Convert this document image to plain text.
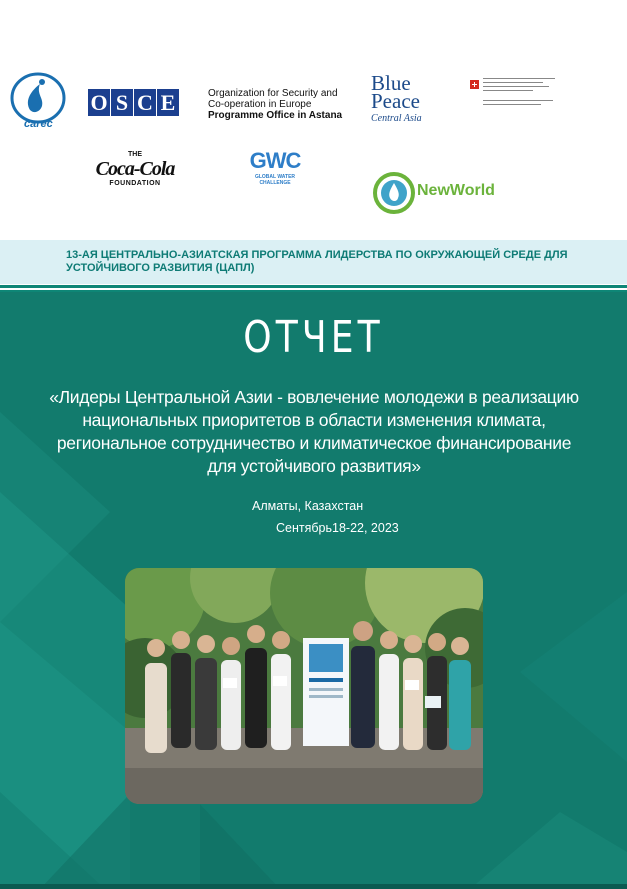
carec
O S C E	Organization for Security and
Co-operation in Europe
Programme Office in Astana
Blue
Peace
Central Asia
THE
Coca-Cola
FOUNDATION
GWC
GLOBAL WATER CHALLENGE	NewWorld
13-АЯ ЦЕНТРАЛЬНО-АЗИАТСКАЯ ПРОГРАММА ЛИДЕРСТВА ПО ОКРУЖАЮЩЕЙ СРЕДЕ ДЛЯ УСТОЙЧИВОГО РАЗВИТИЯ (ЦАПЛ)
ОТЧЕТ
«Лидеры Центральной Азии - вовлечение молодежи в реализацию национальных приоритетов в области изменения климата, региональное сотрудничество и климатическое финансирование для устойчивого развития»
Алматы, Казахстан
Сентябрь18-22, 2023
